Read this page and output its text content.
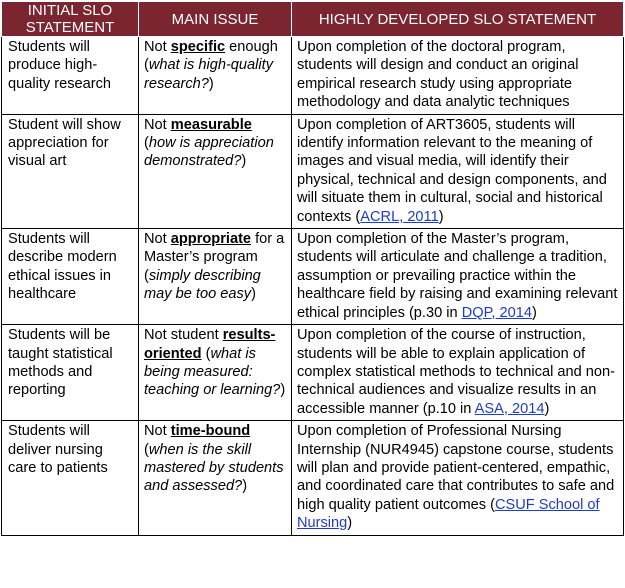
INITIAL SLO STATEMENT	MAIN ISSUE	HIGHLY DEVELOPED SLO STATEMENT
Students will produce high-quality research	Not specific enough (what is high-quality research?)	Upon completion of the doctoral program, students will design and conduct an original empirical research study using appropriate methodology and data analytic techniques
Student will show appreciation for visual art	Not measurable (how is appreciation demonstrated?)	Upon completion of ART3605, students will identify information relevant to the meaning of images and visual media, will identify their physical, technical and design components, and will situate them in cultural, social and historical contexts (ACRL, 2011)
Students will describe modern ethical issues in healthcare	Not appropriate for a Master’s program (simply describing may be too easy)	Upon completion of the Master’s program, students will articulate and challenge a tradition, assumption or prevailing practice within the healthcare field by raising and examining relevant ethical principles (p.30 in DQP, 2014)
Students will be taught statistical methods and reporting	Not student results-oriented (what is being measured: teaching or learning?)	Upon completion of the course of instruction, students will be able to explain application of complex statistical methods to technical and non-technical audiences and visualize results in an accessible manner (p.10 in ASA, 2014)
Students will deliver nursing care to patients	Not time-bound (when is the skill mastered by students and assessed?)	Upon completion of Professional Nursing Internship (NUR4945) capstone course, students will plan and provide patient-centered, empathic, and coordinated care that contributes to safe and high quality patient outcomes (CSUF School of Nursing)
